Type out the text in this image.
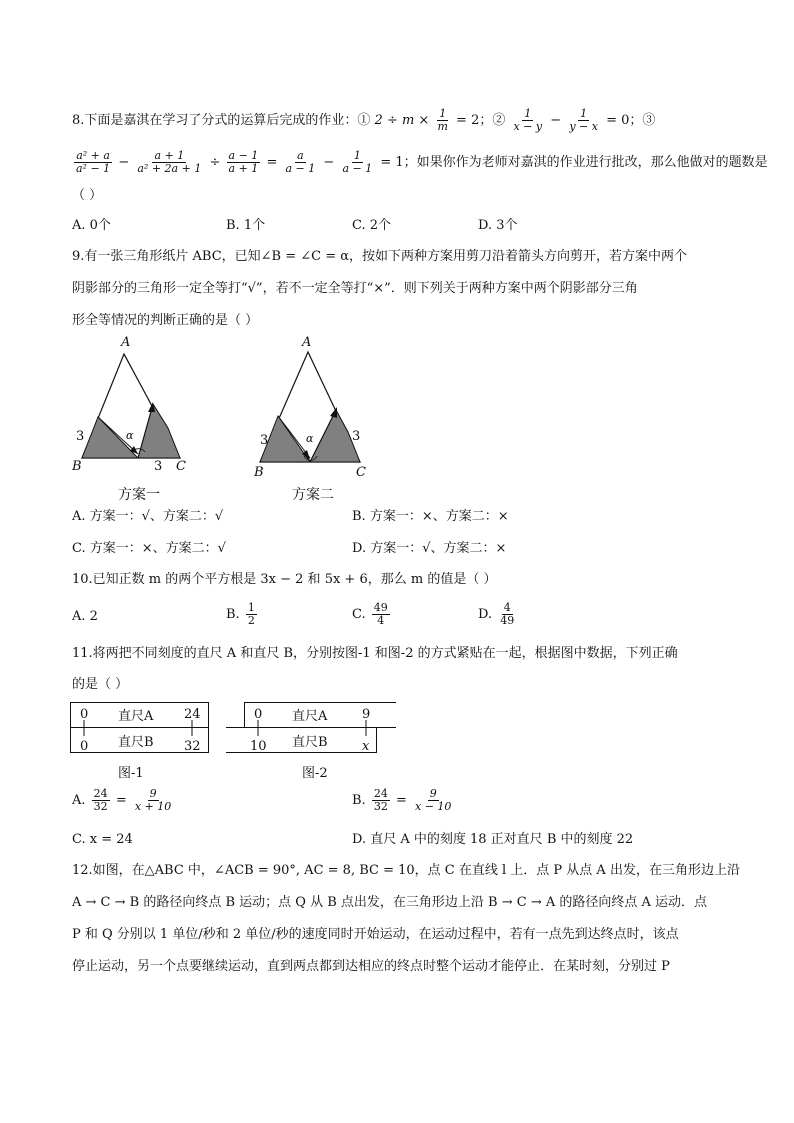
8.下面是嘉淇在学习了分式的运算后完成的作业：① $2 \div m \times \frac{1}{m} = 2$；② $\frac{1}{x - y} - \frac{1}{y - x} = 0$；③
$\frac{\text{a² + a}}{\text{a² − 1}} - \frac{a + 1}{\text{a² + 2a + 1}} \div \frac{a - 1}{a + 1} = \frac{a}{a - 1} - \frac{1}{a - 1} = 1$；如果你作为老师对嘉淇的作业进行批改，那么他做对的题数是
（ ）
A. 0个	B. 1个	C. 2个	D. 3个
9.有一张三角形纸片 ABC，已知∠B = ∠C = α，按如下两种方案用剪刀沿着箭头方向剪开，若方案中两个
阴影部分的三角形一定全等打“√”，若不一定全等打“×”．则下列关于两种方案中两个阴影部分三角
形全等情况的判断正确的是（ ）
A
B	C
3
3
α
方案一
A
B	C
3	3
α
方案二
A. 方案一：√、方案二：√	B. 方案一：×、方案二：×
C. 方案一：×、方案二：√	D. 方案一：√、方案二：×
10.已知正数 m 的两个平方根是 3x − 2 和 5x + 6，那么 m 的值是（ ）
A. 2	B. $\frac{1}{2}$	C. $\frac{49}{4}$	D. $\frac{4}{49}$
11.将两把不同刻度的直尺 A 和直尺 B，分别按图-1 和图-2 的方式紧贴在一起，根据图中数据，下列正确
的是（ ）
0 直尺A 24
0 直尺B 32
图-1
0 直尺A	9
10 直尺B	x
图-2
A. $\frac{24}{32} = \frac{9}{x + 10}$	B. $\frac{24}{32} = \frac{9}{x - 10}$
C. x = 24	D. 直尺 A 中的刻度 18 正对直尺 B 中的刻度 22
12.如图，在△ABC 中，∠ACB = 90°, AC = 8, BC = 10，点 C 在直线 l 上．点 P 从点 A 出发，在三角形边上沿
A → C → B 的路径向终点 B 运动；点 Q 从 B 点出发，在三角形边上沿 B → C → A 的路径向终点 A 运动．点
P 和 Q 分别以 1 单位/秒和 2 单位/秒的速度同时开始运动，在运动过程中，若有一点先到达终点时，该点
停止运动，另一个点要继续运动，直到两点都到达相应的终点时整个运动才能停止．在某时刻，分别过 P
